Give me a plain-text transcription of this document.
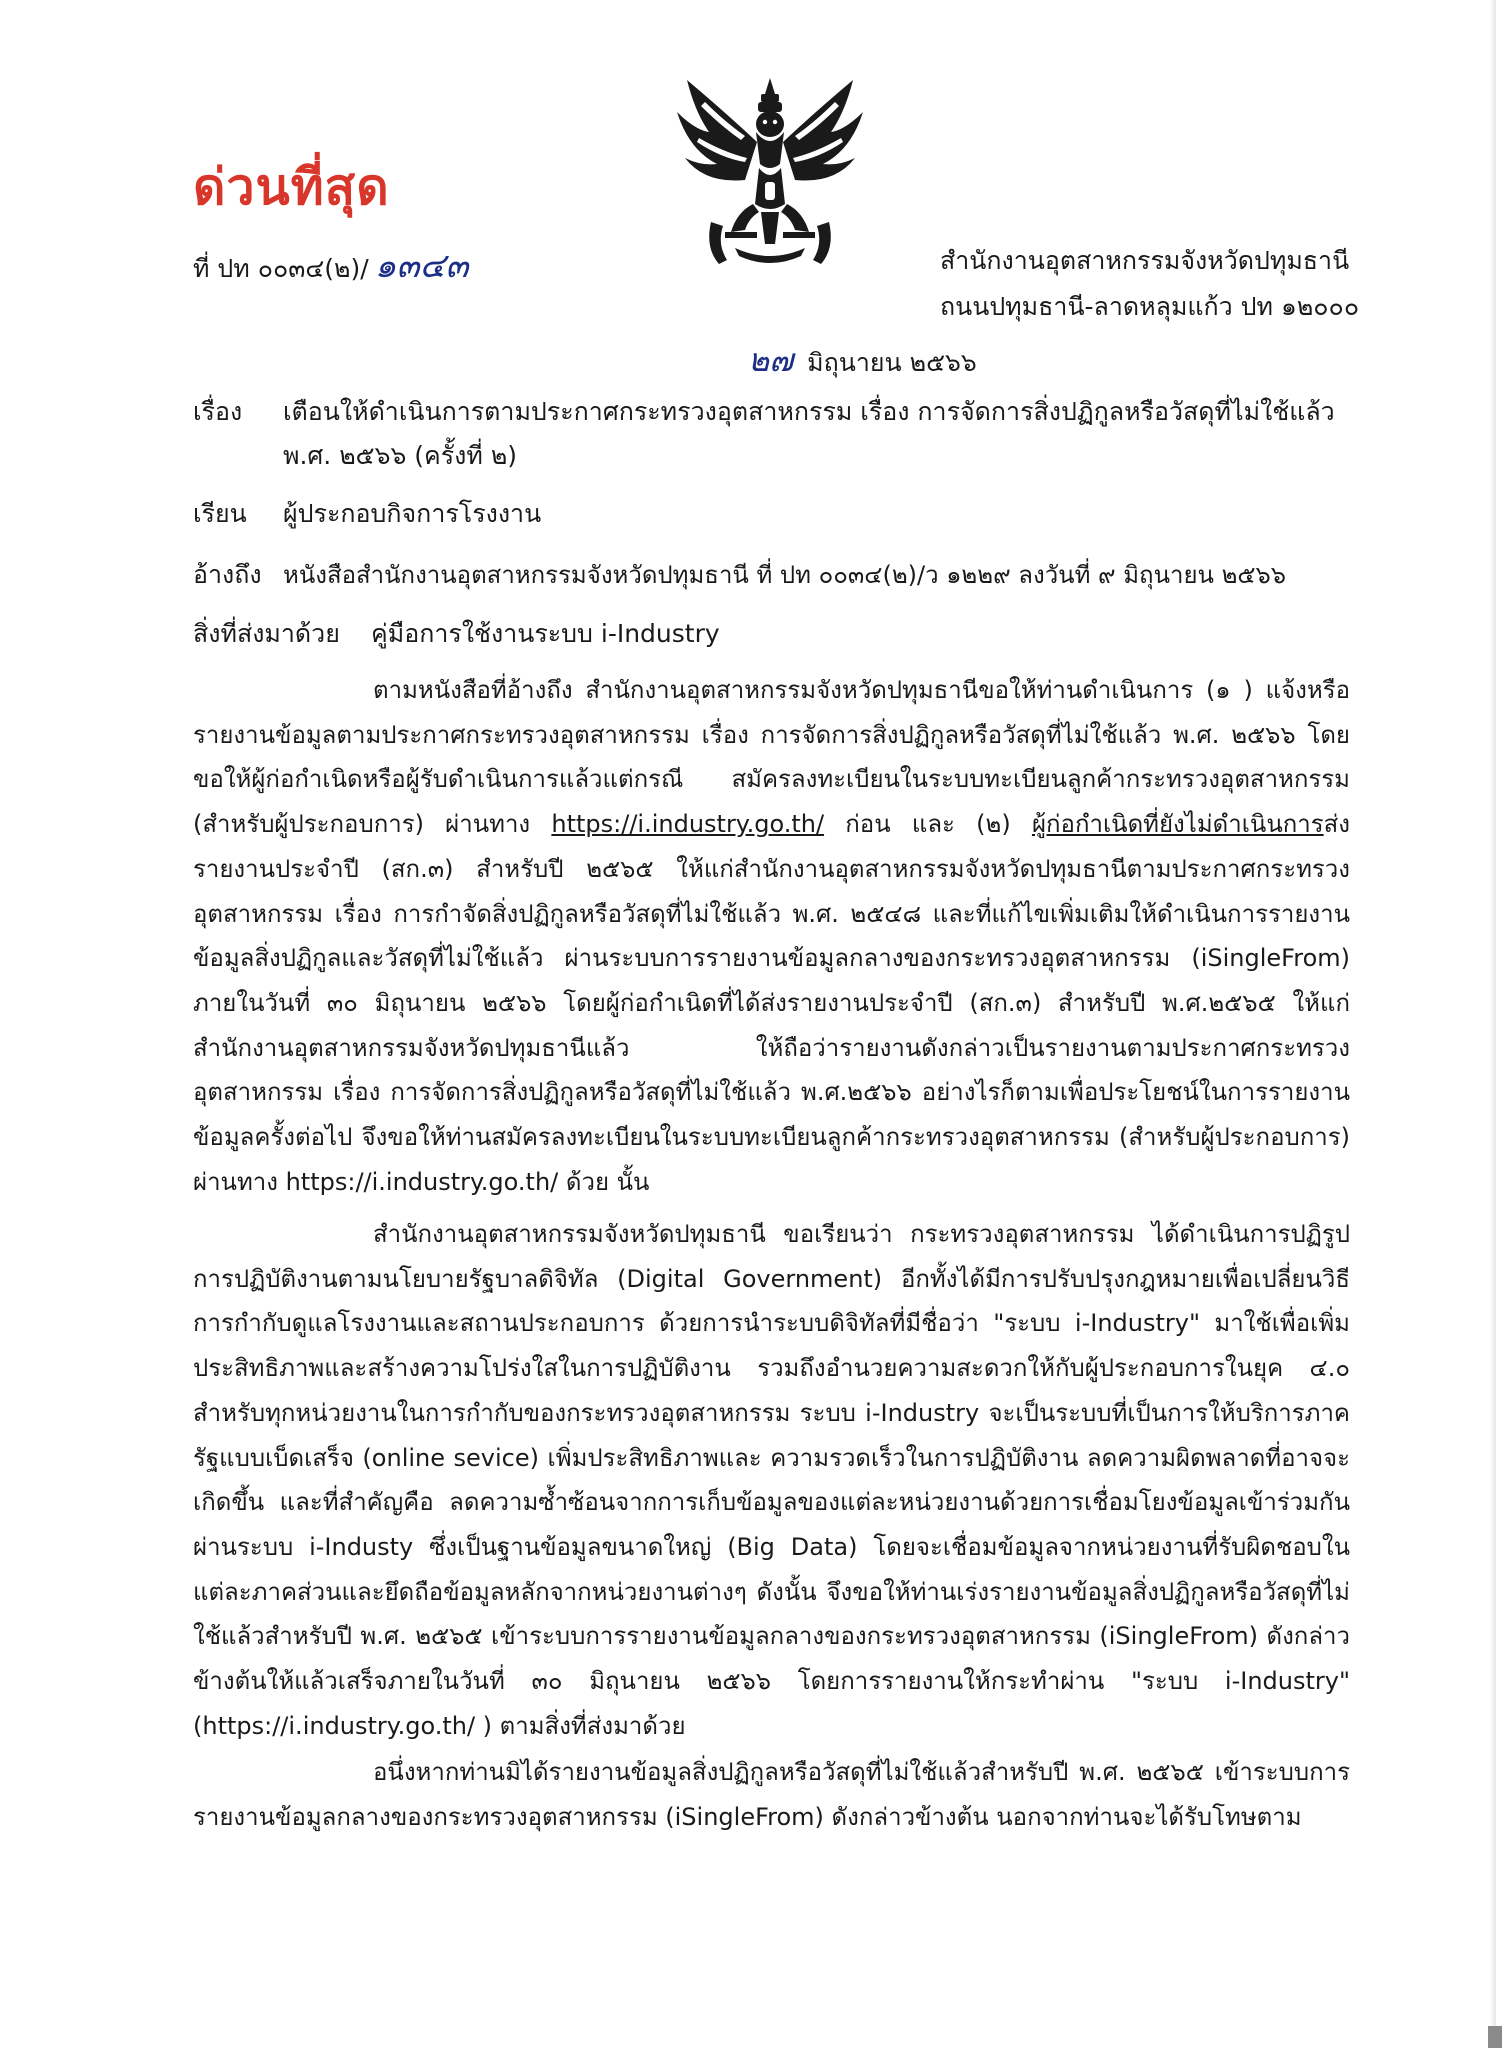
ด่วนที่สุด
ที่ ปท ๐๐๓๔(๒)/ ๑๓๔๓	สำนักงานอุตสาหกรรมจังหวัดปทุมธานี
ถนนปทุมธานี-ลาดหลุมแก้ว ปท ๑๒๐๐๐
๒๗ มิถุนายน ๒๕๖๖
เรื่อง เตือนให้ดำเนินการตามประกาศกระทรวงอุตสาหกรรม เรื่อง การจัดการสิ่งปฏิกูลหรือวัสดุที่ไม่ใช้แล้ว
พ.ศ. ๒๕๖๖ (ครั้งที่ ๒)
เรียน ผู้ประกอบกิจการโรงงาน
อ้างถึง หนังสือสำนักงานอุตสาหกรรมจังหวัดปทุมธานี ที่ ปท ๐๐๓๔(๒)/ว ๑๒๒๙ ลงวันที่ ๙ มิถุนายน ๒๕๖๖
สิ่งที่ส่งมาด้วย คู่มือการใช้งานระบบ i-Industry
ตามหนังสือที่อ้างถึง สำนักงานอุตสาหกรรมจังหวัดปทุมธานีขอให้ท่านดำเนินการ (๑ ) แจ้งหรือรายงานข้อมูลตามประกาศกระทรวงอุตสาหกรรม เรื่อง การจัดการสิ่งปฏิกูลหรือวัสดุที่ไม่ใช้แล้ว พ.ศ. ๒๕๖๖ โดยขอให้ผู้ก่อกำเนิดหรือผู้รับดำเนินการแล้วแต่กรณี สมัครลงทะเบียนในระบบทะเบียนลูกค้ากระทรวงอุตสาหกรรม (สำหรับผู้ประกอบการ) ผ่านทาง https://i.industry.go.th/ ก่อน และ (๒) ผู้ก่อกำเนิดที่ยังไม่ดำเนินการส่งรายงานประจำปี (สก.๓) สำหรับปี ๒๕๖๕ ให้แก่สำนักงานอุตสาหกรรมจังหวัดปทุมธานีตามประกาศกระทรวงอุตสาหกรรม เรื่อง การกำจัดสิ่งปฏิกูลหรือวัสดุที่ไม่ใช้แล้ว พ.ศ. ๒๕๔๘ และที่แก้ไขเพิ่มเติมให้ดำเนินการรายงานข้อมูลสิ่งปฏิกูลและวัสดุที่ไม่ใช้แล้ว ผ่านระบบการรายงานข้อมูลกลางของกระทรวงอุตสาหกรรม (iSingleFrom) ภายในวันที่ ๓๐ มิถุนายน ๒๕๖๖ โดยผู้ก่อกำเนิดที่ได้ส่งรายงานประจำปี (สก.๓) สำหรับปี พ.ศ.๒๕๖๕ ให้แก่สำนักงานอุตสาหกรรมจังหวัดปทุมธานีแล้ว ให้ถือว่ารายงานดังกล่าวเป็นรายงานตามประกาศกระทรวงอุตสาหกรรม เรื่อง การจัดการสิ่งปฏิกูลหรือวัสดุที่ไม่ใช้แล้ว พ.ศ.๒๕๖๖ อย่างไรก็ตามเพื่อประโยชน์ในการรายงานข้อมูลครั้งต่อไป จึงขอให้ท่านสมัครลงทะเบียนในระบบทะเบียนลูกค้ากระทรวงอุตสาหกรรม (สำหรับผู้ประกอบการ) ผ่านทาง https://i.industry.go.th/ ด้วย นั้น
สำนักงานอุตสาหกรรมจังหวัดปทุมธานี ขอเรียนว่า กระทรวงอุตสาหกรรม ได้ดำเนินการปฏิรูปการปฏิบัติงานตามนโยบายรัฐบาลดิจิทัล (Digital Government) อีกทั้งได้มีการปรับปรุงกฎหมายเพื่อเปลี่ยนวิธีการกำกับดูแลโรงงานและสถานประกอบการ ด้วยการนำระบบดิจิทัลที่มีชื่อว่า "ระบบ i-Industry" มาใช้เพื่อเพิ่มประสิทธิภาพและสร้างความโปร่งใสในการปฏิบัติงาน รวมถึงอำนวยความสะดวกให้กับผู้ประกอบการในยุค ๔.๐ สำหรับทุกหน่วยงานในการกำกับของกระทรวงอุตสาหกรรม ระบบ i-Industry จะเป็นระบบที่เป็นการให้บริการภาครัฐแบบเบ็ดเสร็จ (online sevice) เพิ่มประสิทธิภาพและ ความรวดเร็วในการปฏิบัติงาน ลดความผิดพลาดที่อาจจะเกิดขึ้น และที่สำคัญคือ ลดความซ้ำซ้อนจากการเก็บข้อมูลของแต่ละหน่วยงานด้วยการเชื่อมโยงข้อมูลเข้าร่วมกันผ่านระบบ i-Industy ซึ่งเป็นฐานข้อมูลขนาดใหญ่ (Big Data) โดยจะเชื่อมข้อมูลจากหน่วยงานที่รับผิดชอบในแต่ละภาคส่วนและยึดถือข้อมูลหลักจากหน่วยงานต่างๆ ดังนั้น จึงขอให้ท่านเร่งรายงานข้อมูลสิ่งปฏิกูลหรือวัสดุที่ไม่ใช้แล้วสำหรับปี พ.ศ. ๒๕๖๕ เข้าระบบการรายงานข้อมูลกลางของกระทรวงอุตสาหกรรม (iSingleFrom) ดังกล่าวข้างต้นให้แล้วเสร็จภายในวันที่ ๓๐ มิถุนายน ๒๕๖๖ โดยการรายงานให้กระทำผ่าน "ระบบ i-Industry" (https://i.industry.go.th/ ) ตามสิ่งที่ส่งมาด้วย
อนึ่งหากท่านมิได้รายงานข้อมูลสิ่งปฏิกูลหรือวัสดุที่ไม่ใช้แล้วสำหรับปี พ.ศ. ๒๕๖๕ เข้าระบบการรายงานข้อมูลกลางของกระทรวงอุตสาหกรรม (iSingleFrom) ดังกล่าวข้างต้น นอกจากท่านจะได้รับโทษตาม
